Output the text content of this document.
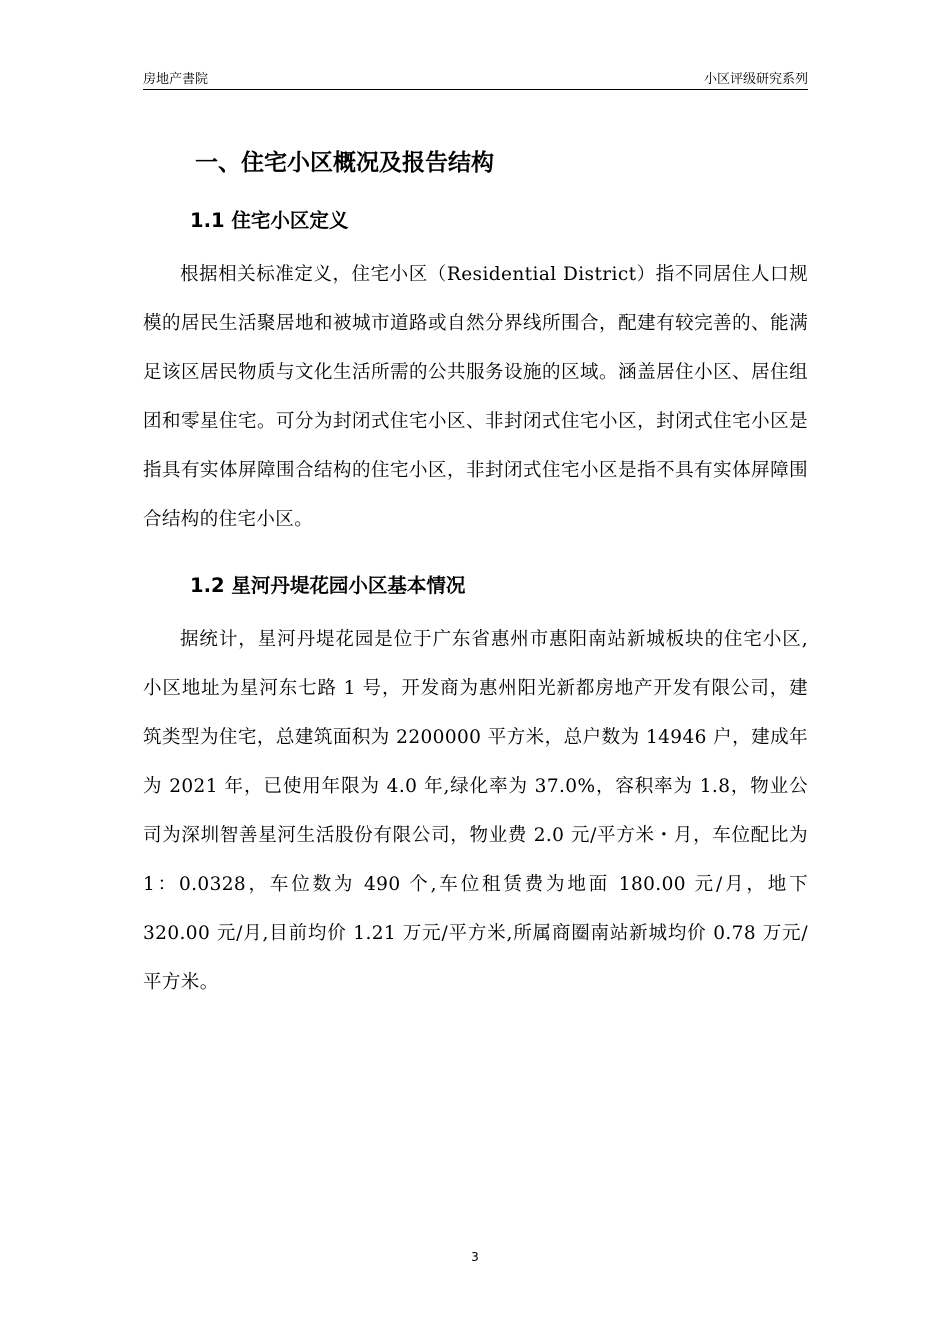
房地产書院	小区评级研究系列
一、住宅小区概况及报告结构
1.1 住宅小区定义

根据相关标准定义，住宅小区（Residential District）指不同居住人口规模的居民生活聚居地和被城市道路或自然分界线所围合，配建有较完善的、能满足该区居民物质与文化生活所需的公共服务设施的区域。涵盖居住小区、居住组团和零星住宅。可分为封闭式住宅小区、非封闭式住宅小区，封闭式住宅小区是指具有实体屏障围合结构的住宅小区，非封闭式住宅小区是指不具有实体屏障围合结构的住宅小区。

1.2 星河丹堤花园小区基本情况

据统计，星河丹堤花园是位于广东省惠州市惠阳南站新城板块的住宅小区,小区地址为星河东七路 1 号，开发商为惠州阳光新都房地产开发有限公司，建筑类型为住宅，总建筑面积为 2200000 平方米，总户数为 14946 户，建成年为 2021 年，已使用年限为 4.0 年,绿化率为 37.0%，容积率为 1.8，物业公司为深圳智善星河生活股份有限公司，物业费 2.0 元/平方米・月，车位配比为 1：0.0328，车位数为 490 个,车位租赁费为地面 180.00 元/月，地下 320.00 元/月,目前均价 1.21 万元/平方米,所属商圈南站新城均价 0.78 万元/平方米。

3
